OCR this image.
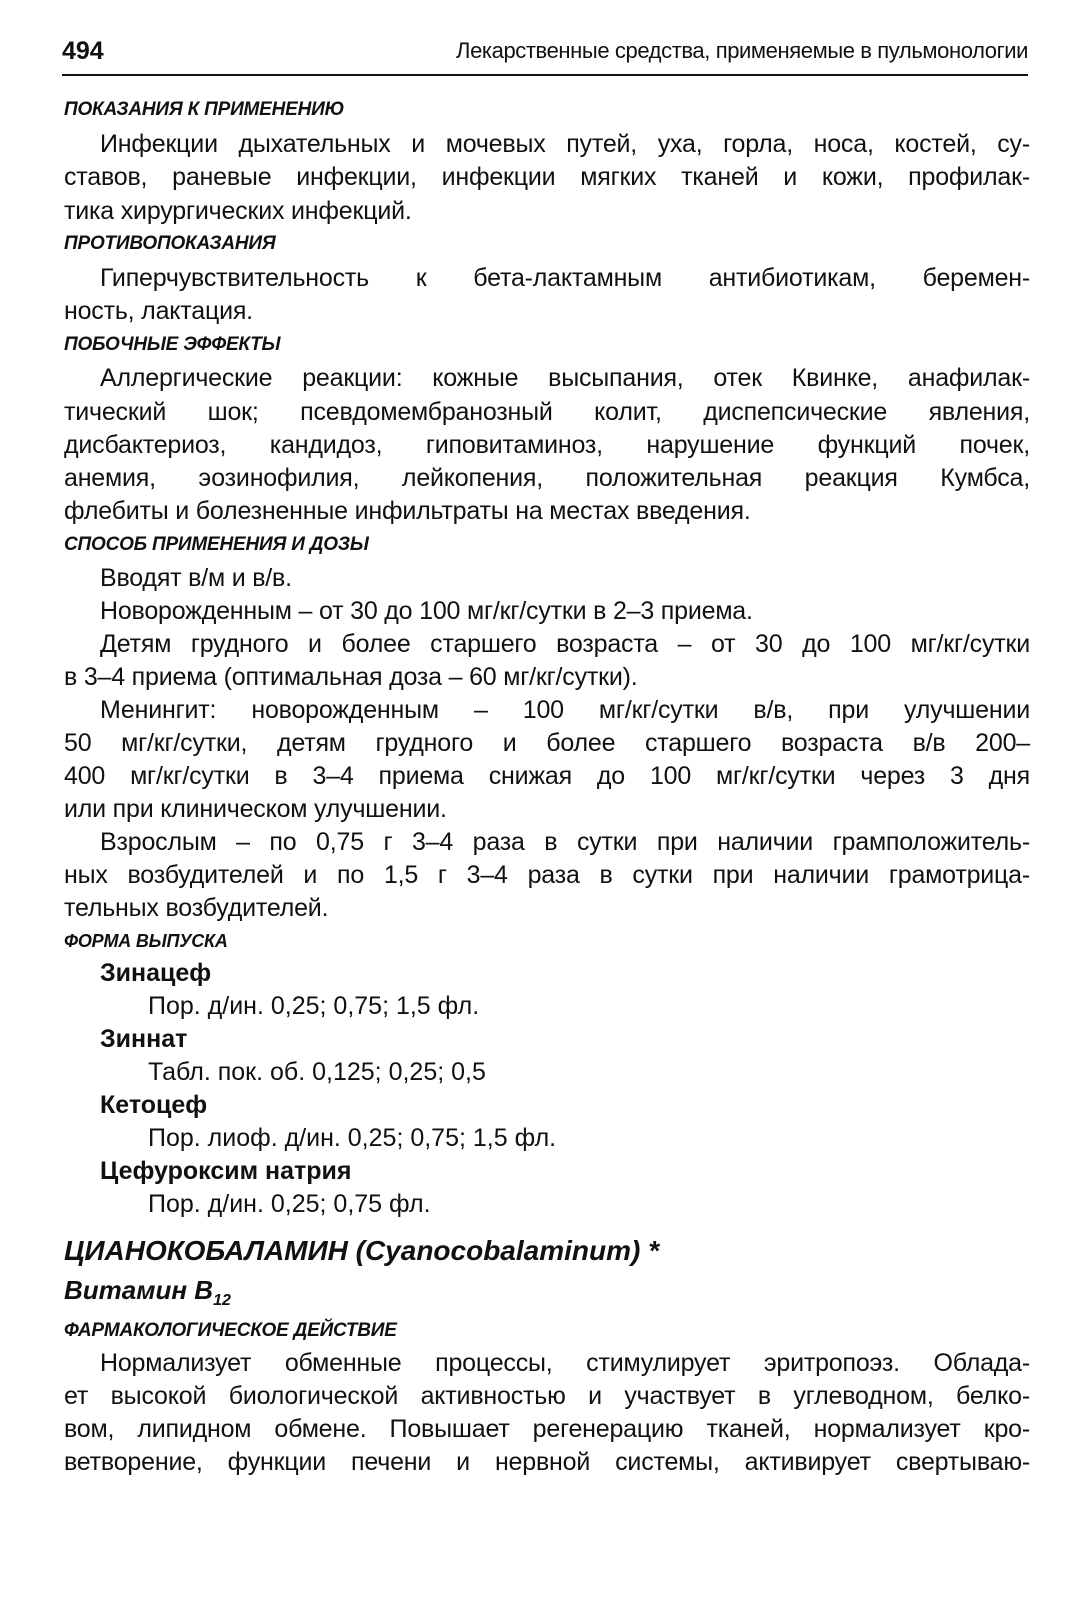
494	Лекарственные средства, применяемые в пульмонологии
ПОКАЗАНИЯ К ПРИМЕНЕНИЮ
Инфекции дыхательных и мочевых путей, уха, горла, носа, костей, су-
ставов, раневые инфекции, инфекции мягких тканей и кожи, профилак-
тика хирургических инфекций.
ПРОТИВОПОКАЗАНИЯ
Гиперчувствительность к бета-лактамным антибиотикам, беремен-
ность, лактация.
ПОБОЧНЫЕ ЭФФЕКТЫ
Аллергические реакции: кожные высыпания, отек Квинке, анафилак-
тический шок; псевдомембранозный колит, диспепсические явления,
дисбактериоз, кандидоз, гиповитаминоз, нарушение функций почек,
анемия, эозинофилия, лейкопения, положительная реакция Кумбса,
флебиты и болезненные инфильтраты на местах введения.
СПОСОБ ПРИМЕНЕНИЯ И ДОЗЫ
Вводят в/м и в/в.
Новорожденным – от 30 до 100 мг/кг/сутки в 2–3 приема.
Детям грудного и более старшего возраста – от 30 до 100 мг/кг/сутки
в 3–4 приема (оптимальная доза – 60 мг/кг/сутки).
Менингит: новорожденным – 100 мг/кг/сутки в/в, при улучшении
50 мг/кг/сутки, детям грудного и более старшего возраста в/в 200–
400 мг/кг/сутки в 3–4 приема снижая до 100 мг/кг/сутки через 3 дня
или при клиническом улучшении.
Взрослым – по 0,75 г 3–4 раза в сутки при наличии грамположитель-
ных возбудителей и по 1,5 г 3–4 раза в сутки при наличии грамотрица-
тельных возбудителей.
ФОРМА ВЫПУСКА
Зинацеф
Пор. д/ин. 0,25; 0,75; 1,5 фл.
Зиннат
Табл. пок. об. 0,125; 0,25; 0,5
Кетоцеф
Пор. лиоф. д/ин. 0,25; 0,75; 1,5 фл.
Цефуроксим натрия
Пор. д/ин. 0,25; 0,75 фл.
ЦИАНОКОБАЛАМИН (Cyanocobalaminum) *
Витамин $B_{12}$
ФАРМАКОЛОГИЧЕСКОЕ ДЕЙСТВИЕ
Нормализует обменные процессы, стимулирует эритропоэз. Облада-
ет высокой биологической активностью и участвует в углеводном, белко-
вом, липидном обмене. Повышает регенерацию тканей, нормализует кро-
ветворение, функции печени и нервной системы, активирует свертываю-
